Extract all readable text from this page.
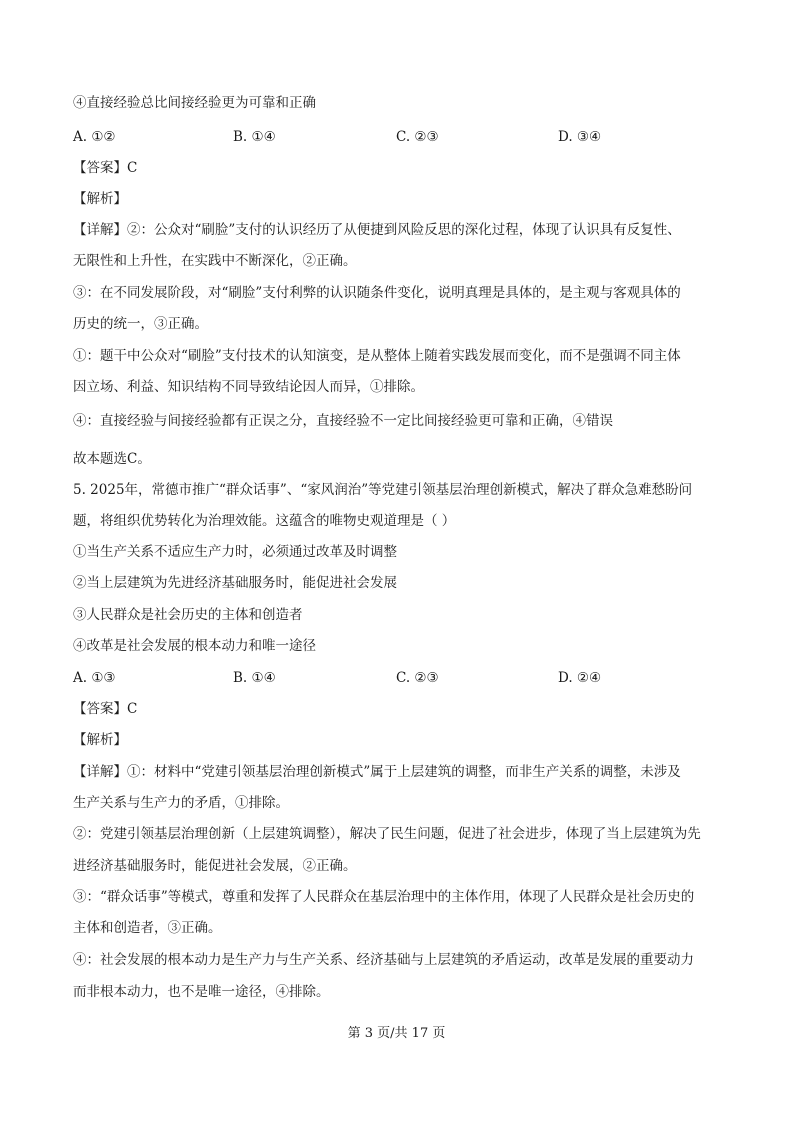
④直接经验总比间接经验更为可靠和正确
A. ①②	B. ①④	C. ②③	D. ③④
【答案】C
【解析】
【详解】②：公众对“刷脸”支付的认识经历了从便捷到风险反思的深化过程，体现了认识具有反复性、
无限性和上升性，在实践中不断深化，②正确。
③：在不同发展阶段，对“刷脸”支付利弊的认识随条件变化，说明真理是具体的，是主观与客观具体的
历史的统一，③正确。
①：题干中公众对“刷脸”支付技术的认知演变，是从整体上随着实践发展而变化，而不是强调不同主体
因立场、利益、知识结构不同导致结论因人而异，①排除。
④：直接经验与间接经验都有正误之分，直接经验不一定比间接经验更可靠和正确，④错误
故本题选C。
5. 2025年，常德市推广“群众话事”、“家风润治”等党建引领基层治理创新模式，解决了群众急难愁盼问
题，将组织优势转化为治理效能。这蕴含的唯物史观道理是（ ）
①当生产关系不适应生产力时，必须通过改革及时调整
②当上层建筑为先进经济基础服务时，能促进社会发展
③人民群众是社会历史的主体和创造者
④改革是社会发展的根本动力和唯一途径
A. ①③	B. ①④	C. ②③	D. ②④
【答案】C
【解析】
【详解】①：材料中“党建引领基层治理创新模式”属于上层建筑的调整，而非生产关系的调整，未涉及
生产关系与生产力的矛盾，①排除。
②：党建引领基层治理创新（上层建筑调整），解决了民生问题，促进了社会进步，体现了当上层建筑为先
进经济基础服务时，能促进社会发展，②正确。
③：“群众话事”等模式，尊重和发挥了人民群众在基层治理中的主体作用，体现了人民群众是社会历史的
主体和创造者，③正确。
④：社会发展的根本动力是生产力与生产关系、经济基础与上层建筑的矛盾运动，改革是发展的重要动力
而非根本动力，也不是唯一途径，④排除。
第 3 页/共 17 页
